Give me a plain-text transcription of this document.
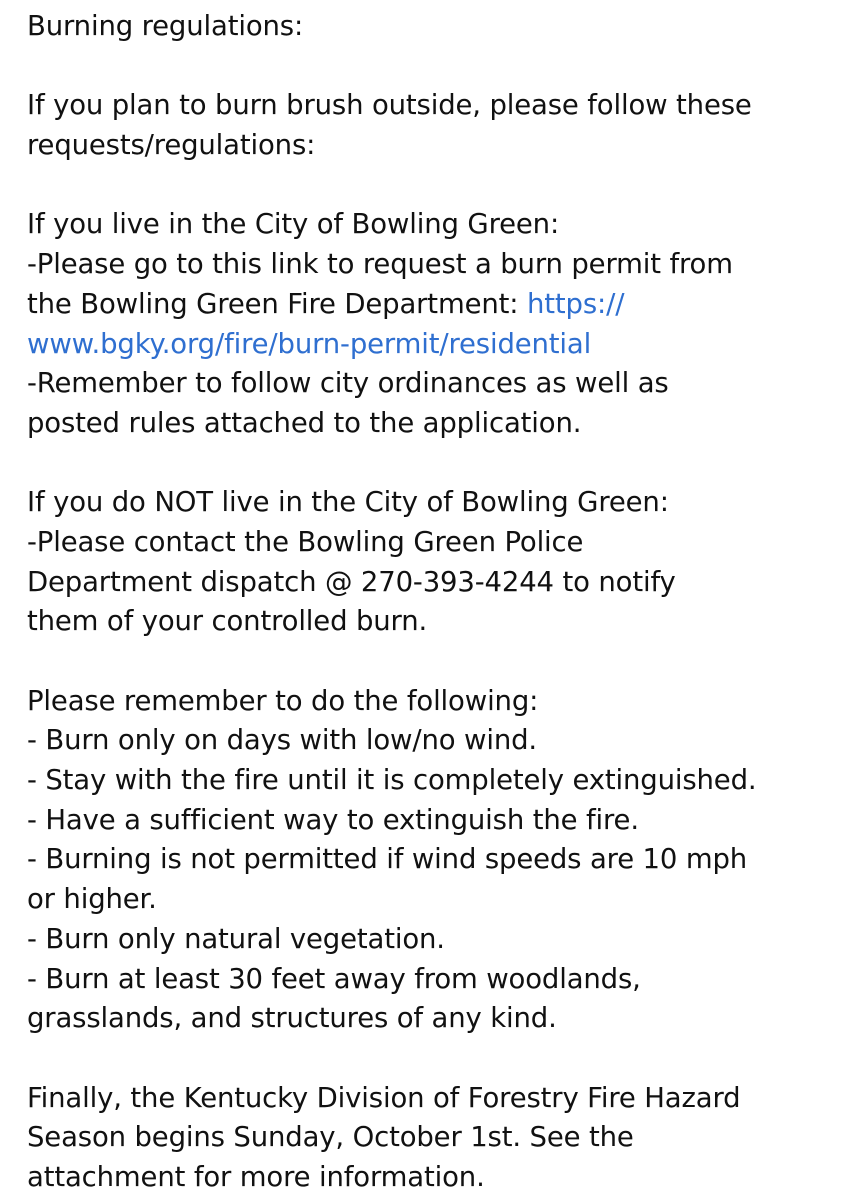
Burning regulations:
If you plan to burn brush outside, please follow these
requests/regulations:
If you live in the City of Bowling Green:
-Please go to this link to request a burn permit from
the Bowling Green Fire Department: https://
www.bgky.org/fire/burn-permit/residential
-Remember to follow city ordinances as well as
posted rules attached to the application.
If you do NOT live in the City of Bowling Green:
-Please contact the Bowling Green Police
Department dispatch @ 270-393-4244 to notify
them of your controlled burn.
Please remember to do the following:
- Burn only on days with low/no wind.
- Stay with the fire until it is completely extinguished.
- Have a sufficient way to extinguish the fire.
- Burning is not permitted if wind speeds are 10 mph
or higher.
- Burn only natural vegetation.
- Burn at least 30 feet away from woodlands,
grasslands, and structures of any kind.
Finally, the Kentucky Division of Forestry Fire Hazard
Season begins Sunday, October 1st. See the
attachment for more information.
